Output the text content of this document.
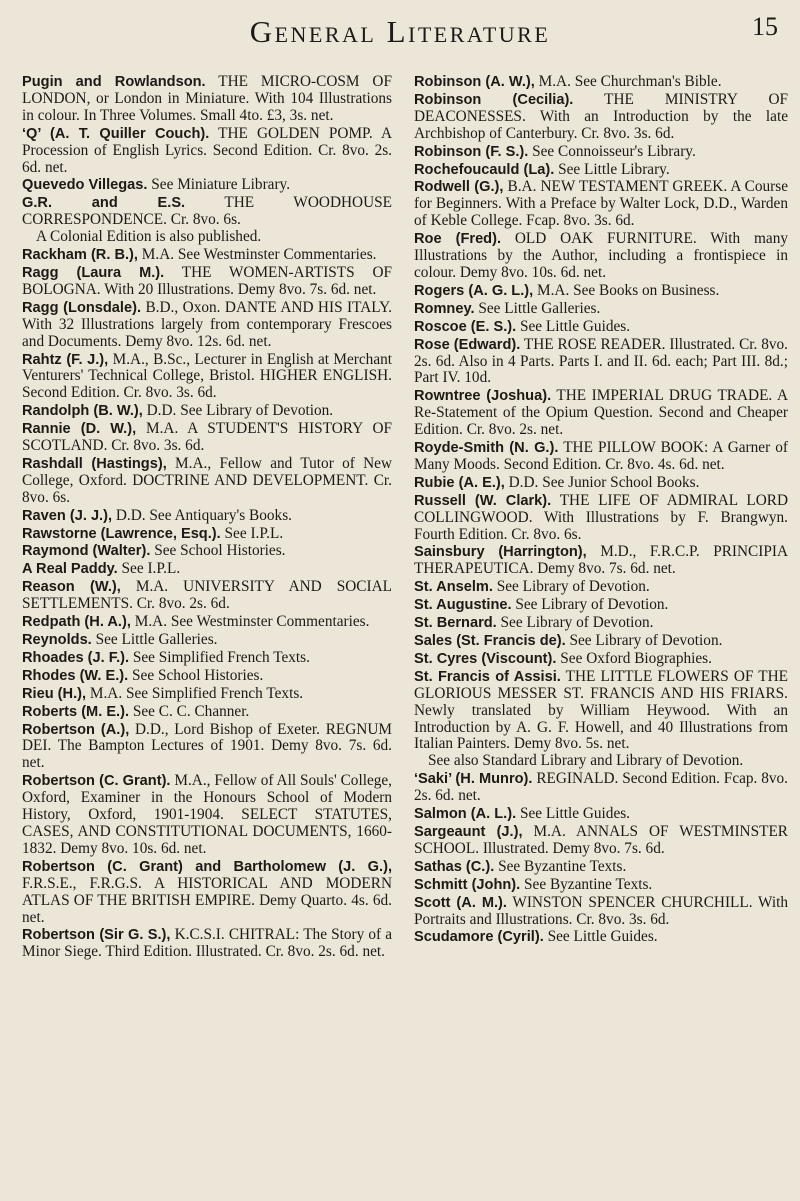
General Literature	15
Pugin and Rowlandson. THE MICRO-COSM OF LONDON, or London in Miniature. With 104 Illustrations in colour. In Three Volumes. Small 4to. £3, 3s. net.
‘Q’ (A. T. Quiller Couch). THE GOLDEN POMP. A Procession of English Lyrics. Second Edition. Cr. 8vo. 2s. 6d. net.
Quevedo Villegas. See Miniature Library.
G.R. and E.S. THE WOODHOUSE CORRESPONDENCE. Cr. 8vo. 6s.
A Colonial Edition is also published.
Rackham (R. B.), M.A. See Westminster Commentaries.
Ragg (Laura M.). THE WOMEN-ARTISTS OF BOLOGNA. With 20 Illustrations. Demy 8vo. 7s. 6d. net.
Ragg (Lonsdale). B.D., Oxon. DANTE AND HIS ITALY. With 32 Illustrations largely from contemporary Frescoes and Documents. Demy 8vo. 12s. 6d. net.
Rahtz (F. J.), M.A., B.Sc., Lecturer in English at Merchant Venturers' Technical College, Bristol. HIGHER ENGLISH. Second Edition. Cr. 8vo. 3s. 6d.
Randolph (B. W.), D.D. See Library of Devotion.
Rannie (D. W.), M.A. A STUDENT'S HISTORY OF SCOTLAND. Cr. 8vo. 3s. 6d.
Rashdall (Hastings), M.A., Fellow and Tutor of New College, Oxford. DOCTRINE AND DEVELOPMENT. Cr. 8vo. 6s.
Raven (J. J.), D.D. See Antiquary's Books.
Rawstorne (Lawrence, Esq.). See I.P.L.
Raymond (Walter). See School Histories.
A Real Paddy. See I.P.L.
Reason (W.), M.A. UNIVERSITY AND SOCIAL SETTLEMENTS. Cr. 8vo. 2s. 6d.
Redpath (H. A.), M.A. See Westminster Commentaries.
Reynolds. See Little Galleries.
Rhoades (J. F.). See Simplified French Texts.
Rhodes (W. E.). See School Histories.
Rieu (H.), M.A. See Simplified French Texts.
Roberts (M. E.). See C. C. Channer.
Robertson (A.), D.D., Lord Bishop of Exeter. REGNUM DEI. The Bampton Lectures of 1901. Demy 8vo. 7s. 6d. net.
Robertson (C. Grant). M.A., Fellow of All Souls' College, Oxford, Examiner in the Honours School of Modern History, Oxford, 1901-1904. SELECT STATUTES, CASES, AND CONSTITUTIONAL DOCUMENTS, 1660-1832. Demy 8vo. 10s. 6d. net.
Robertson (C. Grant) and Bartholomew (J. G.), F.R.S.E., F.R.G.S. A HISTORICAL AND MODERN ATLAS OF THE BRITISH EMPIRE. Demy Quarto. 4s. 6d. net.
Robertson (Sir G. S.), K.C.S.I. CHITRAL: The Story of a Minor Siege. Third Edition. Illustrated. Cr. 8vo. 2s. 6d. net.
Robinson (A. W.), M.A. See Churchman's Bible.
Robinson (Cecilia). THE MINISTRY OF DEACONESSES. With an Introduction by the late Archbishop of Canterbury. Cr. 8vo. 3s. 6d.
Robinson (F. S.). See Connoisseur's Library.
Rochefoucauld (La). See Little Library.
Rodwell (G.), B.A. NEW TESTAMENT GREEK. A Course for Beginners. With a Preface by Walter Lock, D.D., Warden of Keble College. Fcap. 8vo. 3s. 6d.
Roe (Fred). OLD OAK FURNITURE. With many Illustrations by the Author, including a frontispiece in colour. Demy 8vo. 10s. 6d. net.
Rogers (A. G. L.), M.A. See Books on Business.
Romney. See Little Galleries.
Roscoe (E. S.). See Little Guides.
Rose (Edward). THE ROSE READER. Illustrated. Cr. 8vo. 2s. 6d. Also in 4 Parts. Parts I. and II. 6d. each; Part III. 8d.; Part IV. 10d.
Rowntree (Joshua). THE IMPERIAL DRUG TRADE. A Re-Statement of the Opium Question. Second and Cheaper Edition. Cr. 8vo. 2s. net.
Royde-Smith (N. G.). THE PILLOW BOOK: A Garner of Many Moods. Second Edition. Cr. 8vo. 4s. 6d. net.
Rubie (A. E.), D.D. See Junior School Books.
Russell (W. Clark). THE LIFE OF ADMIRAL LORD COLLINGWOOD. With Illustrations by F. Brangwyn. Fourth Edition. Cr. 8vo. 6s.
Sainsbury (Harrington), M.D., F.R.C.P. PRINCIPIA THERAPEUTICA. Demy 8vo. 7s. 6d. net.
St. Anselm. See Library of Devotion.
St. Augustine. See Library of Devotion.
St. Bernard. See Library of Devotion.
Sales (St. Francis de). See Library of Devotion.
St. Cyres (Viscount). See Oxford Biographies.
St. Francis of Assisi. THE LITTLE FLOWERS OF THE GLORIOUS MESSER ST. FRANCIS AND HIS FRIARS. Newly translated by William Heywood. With an Introduction by A. G. F. Howell, and 40 Illustrations from Italian Painters. Demy 8vo. 5s. net.
See also Standard Library and Library of Devotion.
‘Saki’ (H. Munro). REGINALD. Second Edition. Fcap. 8vo. 2s. 6d. net.
Salmon (A. L.). See Little Guides.
Sargeaunt (J.), M.A. ANNALS OF WESTMINSTER SCHOOL. Illustrated. Demy 8vo. 7s. 6d.
Sathas (C.). See Byzantine Texts.
Schmitt (John). See Byzantine Texts.
Scott (A. M.). WINSTON SPENCER CHURCHILL. With Portraits and Illustrations. Cr. 8vo. 3s. 6d.
Scudamore (Cyril). See Little Guides.
